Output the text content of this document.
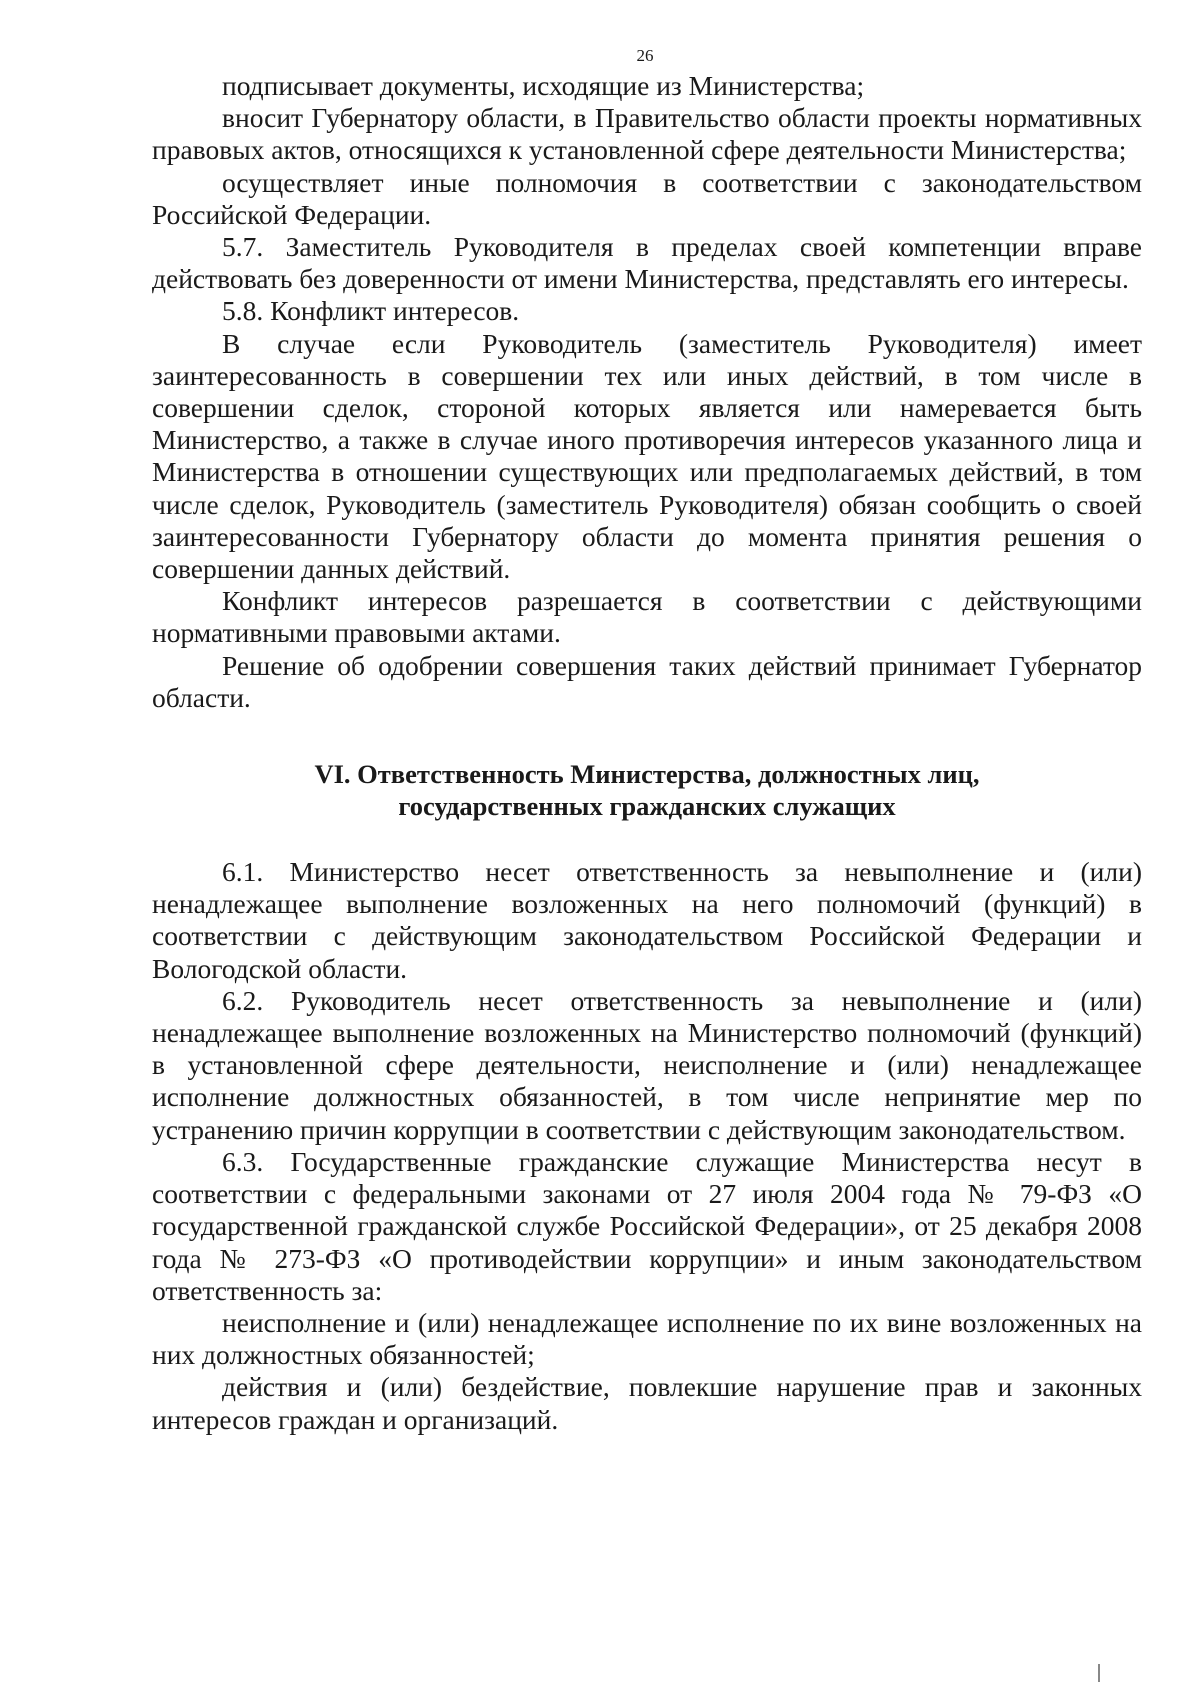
26

подписывает документы, исходящие из Министерства;

вносит Губернатору области, в Правительство области проекты нормативных правовых актов, относящихся к установленной сфере деятельности Министерства;

осуществляет иные полномочия в соответствии с законодательством Российской Федерации.

5.7. Заместитель Руководителя в пределах своей компетенции вправе действовать без доверенности от имени Министерства, представлять его интересы.

5.8. Конфликт интересов.

В случае если Руководитель (заместитель Руководителя) имеет заинтересованность в совершении тех или иных действий, в том числе в совершении сделок, стороной которых является или намеревается быть Министерство, а также в случае иного противоречия интересов указанного лица и Министерства в отношении существующих или предполагаемых действий, в том числе сделок, Руководитель (заместитель Руководителя) обязан сообщить о своей заинтересованности Губернатору области до момента принятия решения о совершении данных действий.

Конфликт интересов разрешается в соответствии с действующими нормативными правовыми актами.

Решение об одобрении совершения таких действий принимает Губернатор области.

VI. Ответственность Министерства, должностных лиц,
государственных гражданских служащих

6.1. Министерство несет ответственность за невыполнение и (или) ненадлежащее выполнение возложенных на него полномочий (функций) в соответствии с действующим законодательством Российской Федерации и Вологодской области.

6.2. Руководитель несет ответственность за невыполнение и (или) ненадлежащее выполнение возложенных на Министерство полномочий (функций) в установленной сфере деятельности, неисполнение и (или) ненадлежащее исполнение должностных обязанностей, в том числе непринятие мер по устранению причин коррупции в соответствии с действующим законодательством.

6.3. Государственные гражданские служащие Министерства несут в соответствии с федеральными законами от 27 июля 2004 года № 79-ФЗ «О государственной гражданской службе Российской Федерации», от 25 декабря 2008 года № 273-ФЗ «О противодействии коррупции» и иным законодательством ответственность за:

неисполнение и (или) ненадлежащее исполнение по их вине возложенных на них должностных обязанностей;

действия и (или) бездействие, повлекшие нарушение прав и законных интересов граждан и организаций.
